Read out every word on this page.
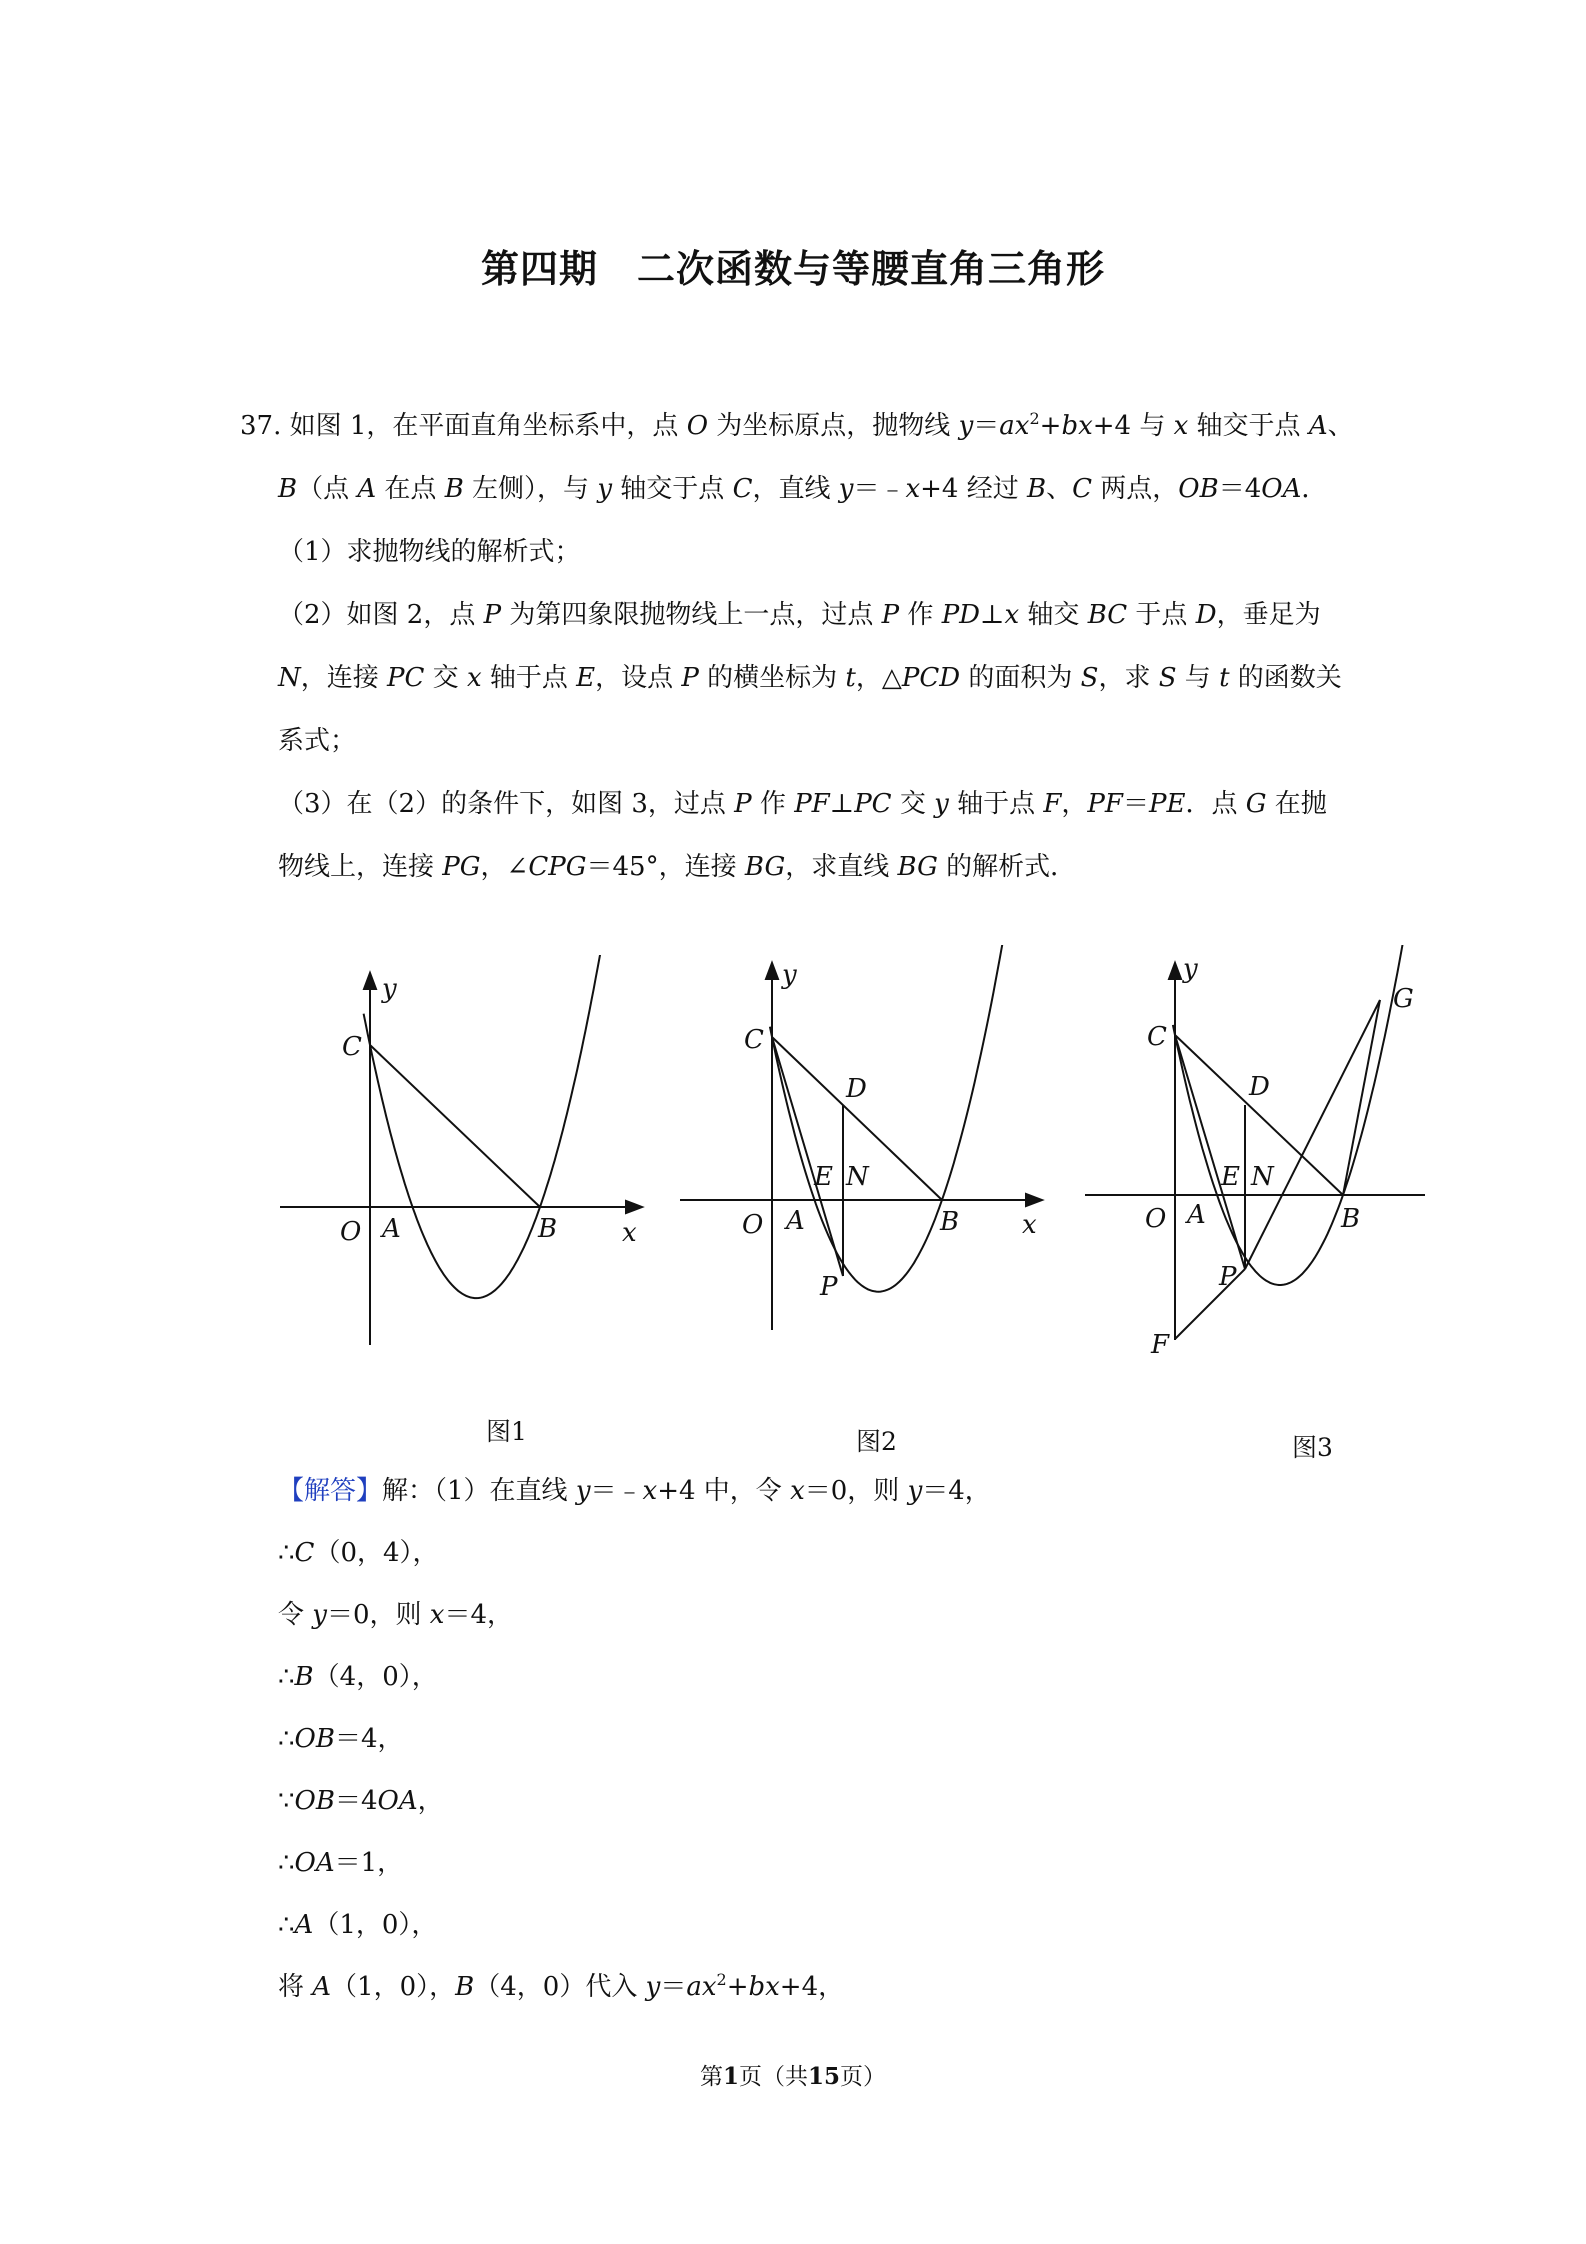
第四期　二次函数与等腰直角三角形
37. 如图 1，在平面直角坐标系中，点 O 为坐标原点，抛物线 $y=ax^2+bx+4$ 与 x 轴交于点 A、
B（点 A 在点 B 左侧），与 y 轴交于点 C，直线 y＝﹣x+4 经过 B、C 两点，OB＝4OA．
（1）求抛物线的解析式；
（2）如图 2，点 P 为第四象限抛物线上一点，过点 P 作 PD⊥x 轴交 BC 于点 D，垂足为
N，连接 PC 交 x 轴于点 E，设点 P 的横坐标为 t，△PCD 的面积为 S，求 S 与 t 的函数关
系式；
（3）在（2）的条件下，如图 3，过点 P 作 PF⊥PC 交 y 轴于点 F，PF＝PE．点 G 在抛
物线上，连接 PG，∠CPG＝45°，连接 BG，求直线 BG 的解析式．
y
C
O A	B x
y
C
D
E N
O A	B x
P
y
C
D
E N
O A	B
P
F
G
图1	图2	图3
【解答】解：（1）在直线 y＝﹣x+4 中，令 x＝0，则 y＝4，
∴C（0，4），
令 y＝0，则 x＝4，
∴B（4，0），
∴OB＝4，
∵OB＝4OA，
∴OA＝1，
∴A（1，0），
将 A（1，0），B（4，0）代入 $y=ax^2+bx+4$，
第1页（共15页）
